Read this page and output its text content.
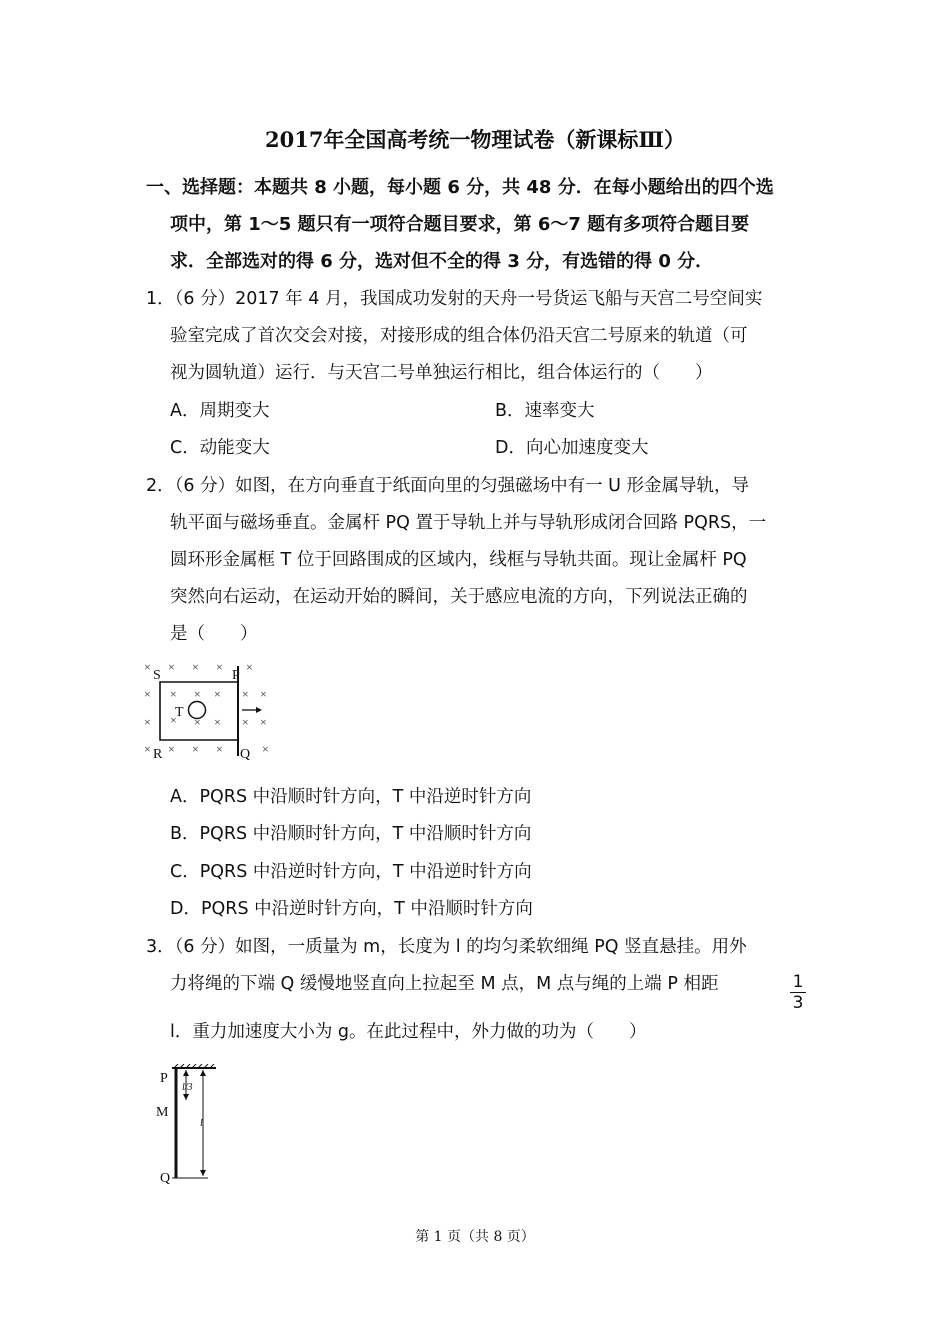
2017年全国高考统一物理试卷（新课标Ⅲ）
一、选择题：本题共 8 小题，每小题 6 分，共 48 分．在每小题给出的四个选
项中，第 1～5 题只有一项符合题目要求，第 6～7 题有多项符合题目要
求．全部选对的得 6 分，选对但不全的得 3 分，有选错的得 0 分．
1．（6 分）2017 年 4 月，我国成功发射的天舟一号货运飞船与天宫二号空间实
验室完成了首次交会对接，对接形成的组合体仍沿天宫二号原来的轨道（可
视为圆轨道）运行．与天宫二号单独运行相比，组合体运行的（　　）
A．周期变大	B．速率变大
C．动能变大	D．向心加速度变大
2．（6 分）如图，在方向垂直于纸面向里的匀强磁场中有一 U 形金属导轨，导
轨平面与磁场垂直。金属杆 PQ 置于导轨上并与导轨形成闭合回路 PQRS，一
圆环形金属框 T 位于回路围成的区域内，线框与导轨共面。现让金属杆 PQ
突然向右运动，在运动开始的瞬间，关于感应电流的方向，下列说法正确的
是（　　）
× × × × ×
× × × × × ×
×	× × × ×
×
× × × ×	×
S	P
R	Q
T
A．PQRS 中沿顺时针方向，T 中沿逆时针方向
B．PQRS 中沿顺时针方向，T 中沿顺时针方向
C．PQRS 中沿逆时针方向，T 中沿逆时针方向
D．PQRS 中沿逆时针方向，T 中沿顺时针方向
3．（6 分）如图，一质量为 m，长度为 l 的均匀柔软细绳 PQ 竖直悬挂。用外
力将绳的下端 Q 缓慢地竖直向上拉起至 M 点，M 点与绳的上端 P 相距	1
3
l．重力加速度大小为 g。在此过程中，外力做的功为（　　）
P
M
Q
l/3
l
第 1 页（共 8 页）
